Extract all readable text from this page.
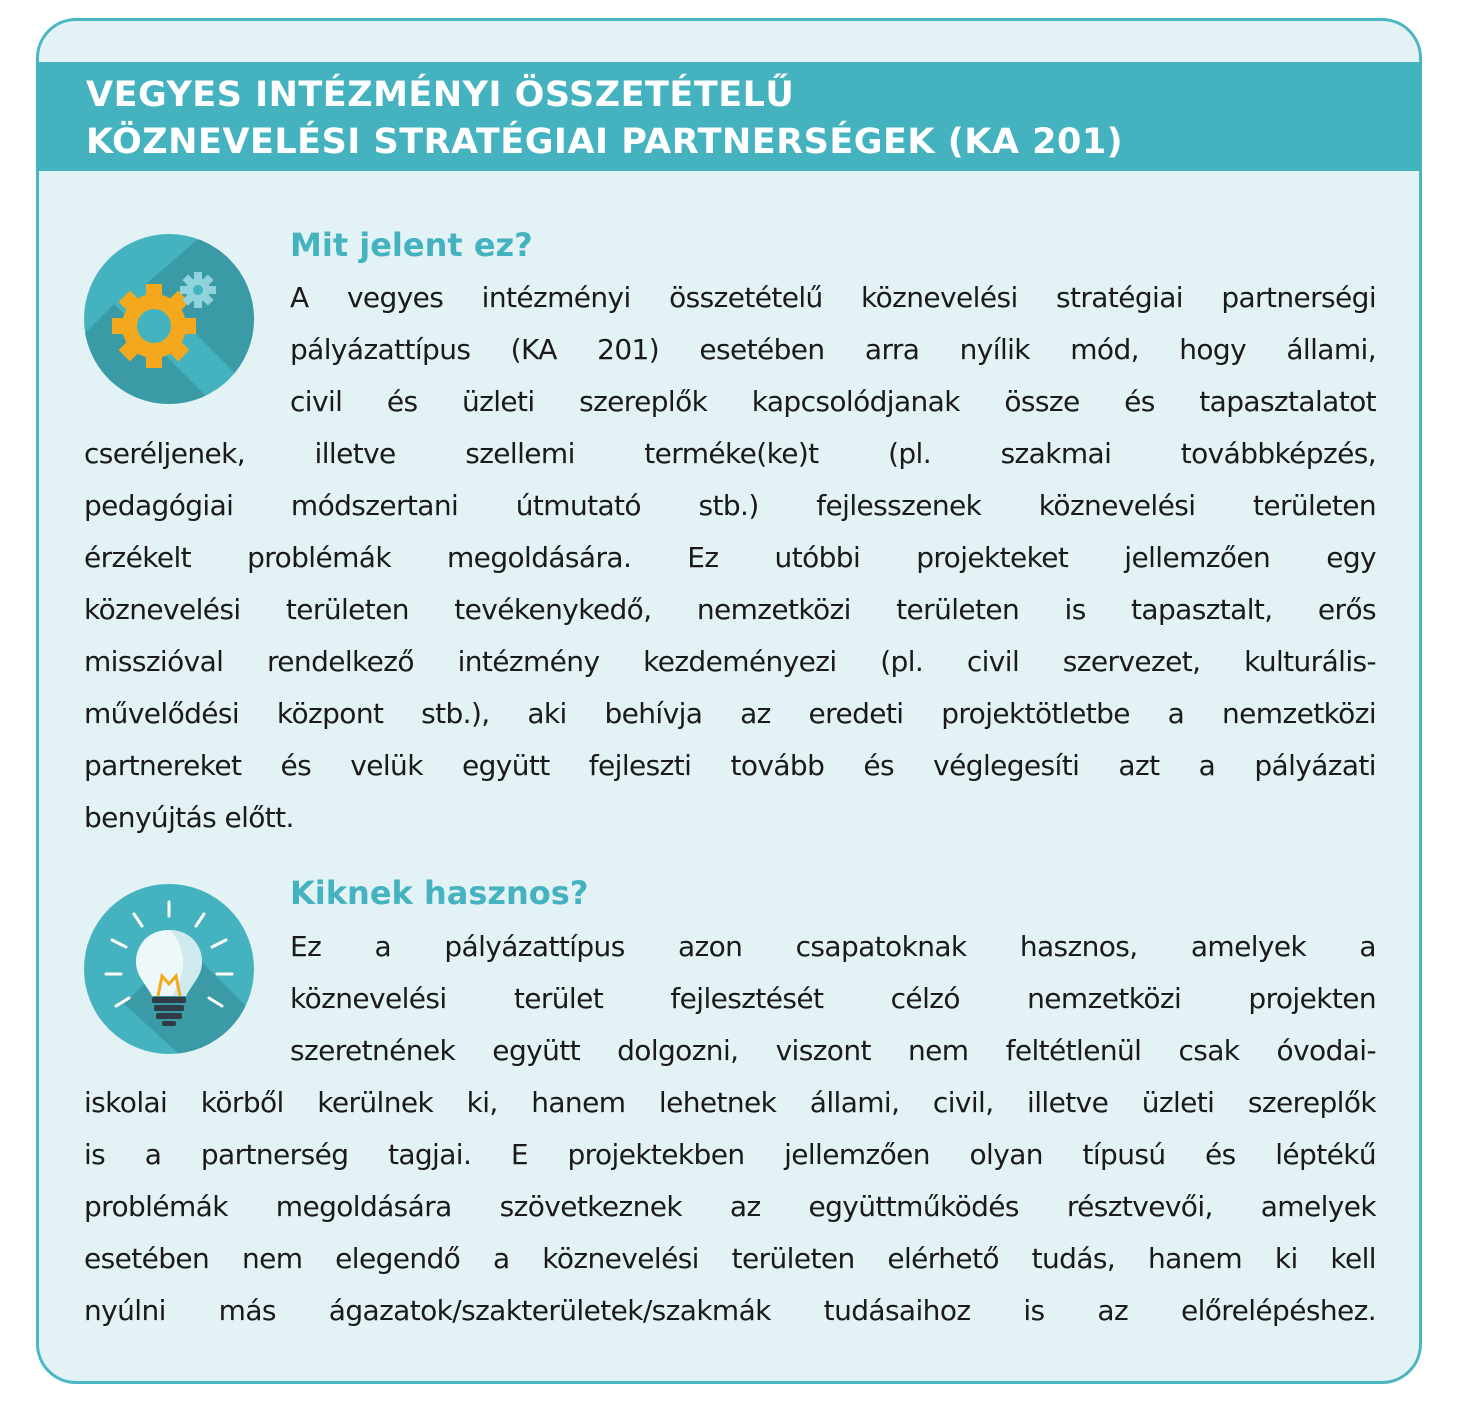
VEGYES INTÉZMÉNYI ÖSSZETÉTELŰ
KÖZNEVELÉSI STRATÉGIAI PARTNERSÉGEK (KA 201)
Mit jelent ez?
A vegyes intézményi összetételű köznevelési stratégiai partnerségi
pályázattípus (KA 201) esetében arra nyílik mód, hogy állami,
civil és üzleti szereplők kapcsolódjanak össze és tapasztalatot
cseréljenek, illetve szellemi terméke(ke)t (pl. szakmai továbbképzés,
pedagógiai módszertani útmutató stb.) fejlesszenek köznevelési területen
érzékelt problémák megoldására. Ez utóbbi projekteket jellemzően egy
köznevelési területen tevékenykedő, nemzetközi területen is tapasztalt, erős
misszióval rendelkező intézmény kezdeményezi (pl. civil szervezet, kulturális-
művelődési központ stb.), aki behívja az eredeti projektötletbe a nemzetközi
partnereket és velük együtt fejleszti tovább és véglegesíti azt a pályázati
benyújtás előtt.
Kiknek hasznos?
Ez a pályázattípus azon csapatoknak hasznos, amelyek a
köznevelési terület fejlesztését célzó nemzetközi projekten
szeretnének együtt dolgozni, viszont nem feltétlenül csak óvodai-
iskolai körből kerülnek ki, hanem lehetnek állami, civil, illetve üzleti szereplők
is a partnerség tagjai. E projektekben jellemzően olyan típusú és léptékű
problémák megoldására szövetkeznek az együttműködés résztvevői, amelyek
esetében nem elegendő a köznevelési területen elérhető tudás, hanem ki kell
nyúlni más ágazatok/szakterületek/szakmák tudásaihoz is az előrelépéshez.
